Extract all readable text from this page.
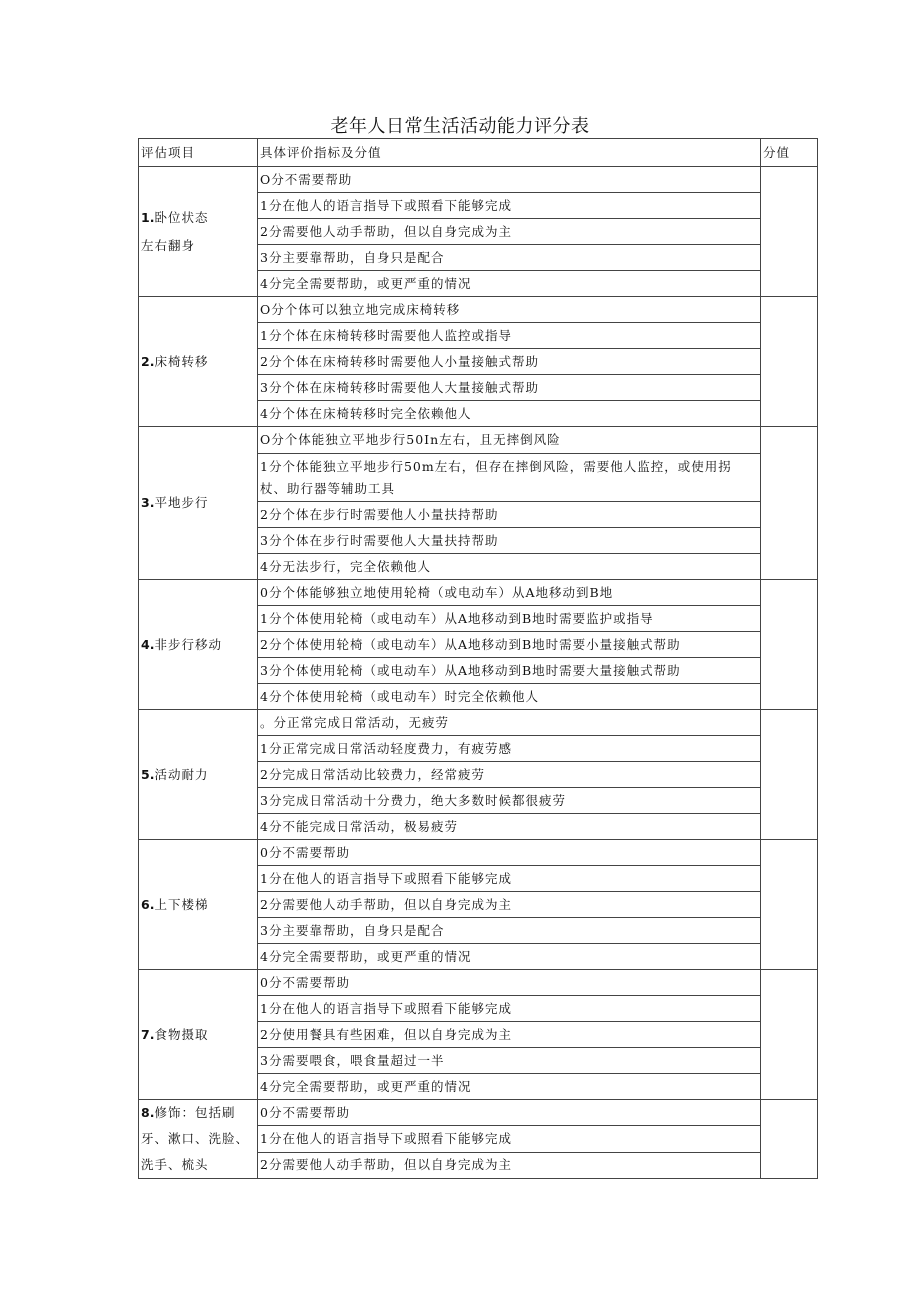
老年人日常生活活动能力评分表
评估项目	具体评价指标及分值	分值
1.卧位状态
左右翻身	O分不需要帮助	
	1分在他人的语言指导下或照看下能够完成	
	2分需要他人动手帮助，但以自身完成为主	
	3分主要靠帮助，自身只是配合	
	4分完全需要帮助，或更严重的情况	
2.床椅转移	O分个体可以独立地完成床椅转移	
	1分个体在床椅转移时需要他人监控或指导	
	2分个体在床椅转移时需要他人小量接触式帮助	
	3分个体在床椅转移时需要他人大量接触式帮助	
	4分个体在床椅转移时完全依赖他人	
3.平地步行	O分个体能独立平地步行50In左右，且无摔倒风险	
	1分个体能独立平地步行50m左右，但存在摔倒风险，需要他人监控，或使用拐杖、助行器等辅助工具	
	2分个体在步行时需要他人小量扶持帮助	
	3分个体在步行时需要他人大量扶持帮助	
	4分无法步行，完全依赖他人	
4.非步行移动	0分个体能够独立地使用轮椅（或电动车）从A地移动到B地	
	1分个体使用轮椅（或电动车）从A地移动到B地时需要监护或指导	
	2分个体使用轮椅（或电动车）从A地移动到B地时需要小量接触式帮助	
	3分个体使用轮椅（或电动车）从A地移动到B地时需要大量接触式帮助	
	4分个体使用轮椅（或电动车）时完全依赖他人	
5.活动耐力	。分正常完成日常活动，无疲劳	
	1分正常完成日常活动轻度费力，有疲劳感	
	2分完成日常活动比较费力，经常疲劳	
	3分完成日常活动十分费力，绝大多数时候都很疲劳	
	4分不能完成日常活动，极易疲劳	
6.上下楼梯	0分不需要帮助	
	1分在他人的语言指导下或照看下能够完成	
	2分需要他人动手帮助，但以自身完成为主	
	3分主要靠帮助，自身只是配合	
	4分完全需要帮助，或更严重的情况	
7.食物摄取	0分不需要帮助	
	1分在他人的语言指导下或照看下能够完成	
	2分使用餐具有些困难，但以自身完成为主	
	3分需要喂食，喂食量超过一半	
	4分完全需要帮助，或更严重的情况	
8.修饰：包括刷牙、漱口、洗脸、洗手、梳头	0分不需要帮助	
	1分在他人的语言指导下或照看下能够完成	
	2分需要他人动手帮助，但以自身完成为主	
